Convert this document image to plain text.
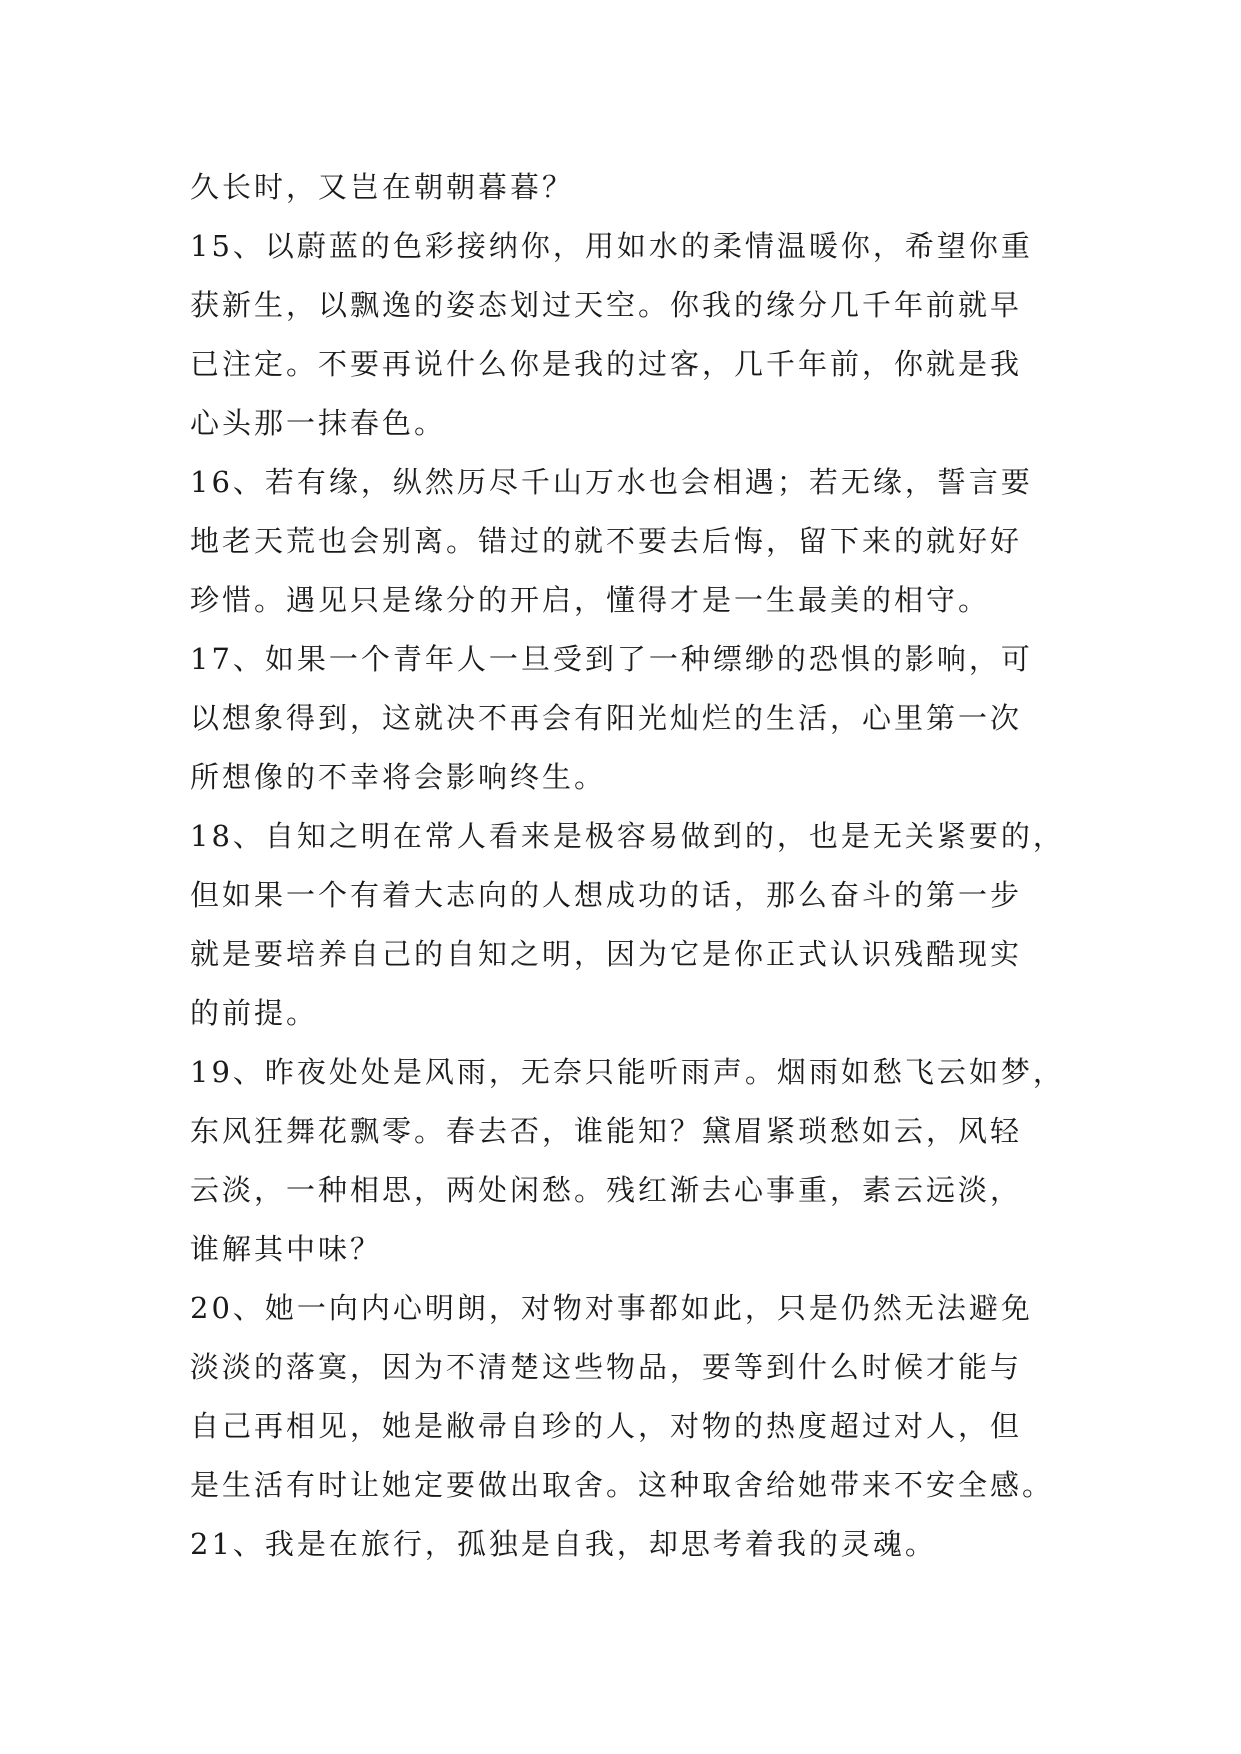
久长时，又岂在朝朝暮暮？
15、以蔚蓝的色彩接纳你，用如水的柔情温暖你，希望你重
获新生，以飘逸的姿态划过天空。你我的缘分几千年前就早
已注定。不要再说什么你是我的过客，几千年前，你就是我
心头那一抹春色。
16、若有缘，纵然历尽千山万水也会相遇；若无缘，誓言要
地老天荒也会别离。错过的就不要去后悔，留下来的就好好
珍惜。遇见只是缘分的开启，懂得才是一生最美的相守。
17、如果一个青年人一旦受到了一种缥缈的恐惧的影响，可
以想象得到，这就决不再会有阳光灿烂的生活，心里第一次
所想像的不幸将会影响终生。
18、自知之明在常人看来是极容易做到的，也是无关紧要的，
但如果一个有着大志向的人想成功的话，那么奋斗的第一步
就是要培养自己的自知之明，因为它是你正式认识残酷现实
的前提。
19、昨夜处处是风雨，无奈只能听雨声。烟雨如愁飞云如梦，
东风狂舞花飘零。春去否，谁能知？黛眉紧琐愁如云，风轻
云淡，一种相思，两处闲愁。残红渐去心事重，素云远淡，
谁解其中味？
20、她一向内心明朗，对物对事都如此，只是仍然无法避免
淡淡的落寞，因为不清楚这些物品，要等到什么时候才能与
自己再相见，她是敝帚自珍的人，对物的热度超过对人，但
是生活有时让她定要做出取舍。这种取舍给她带来不安全感。
21、我是在旅行，孤独是自我，却思考着我的灵魂。
